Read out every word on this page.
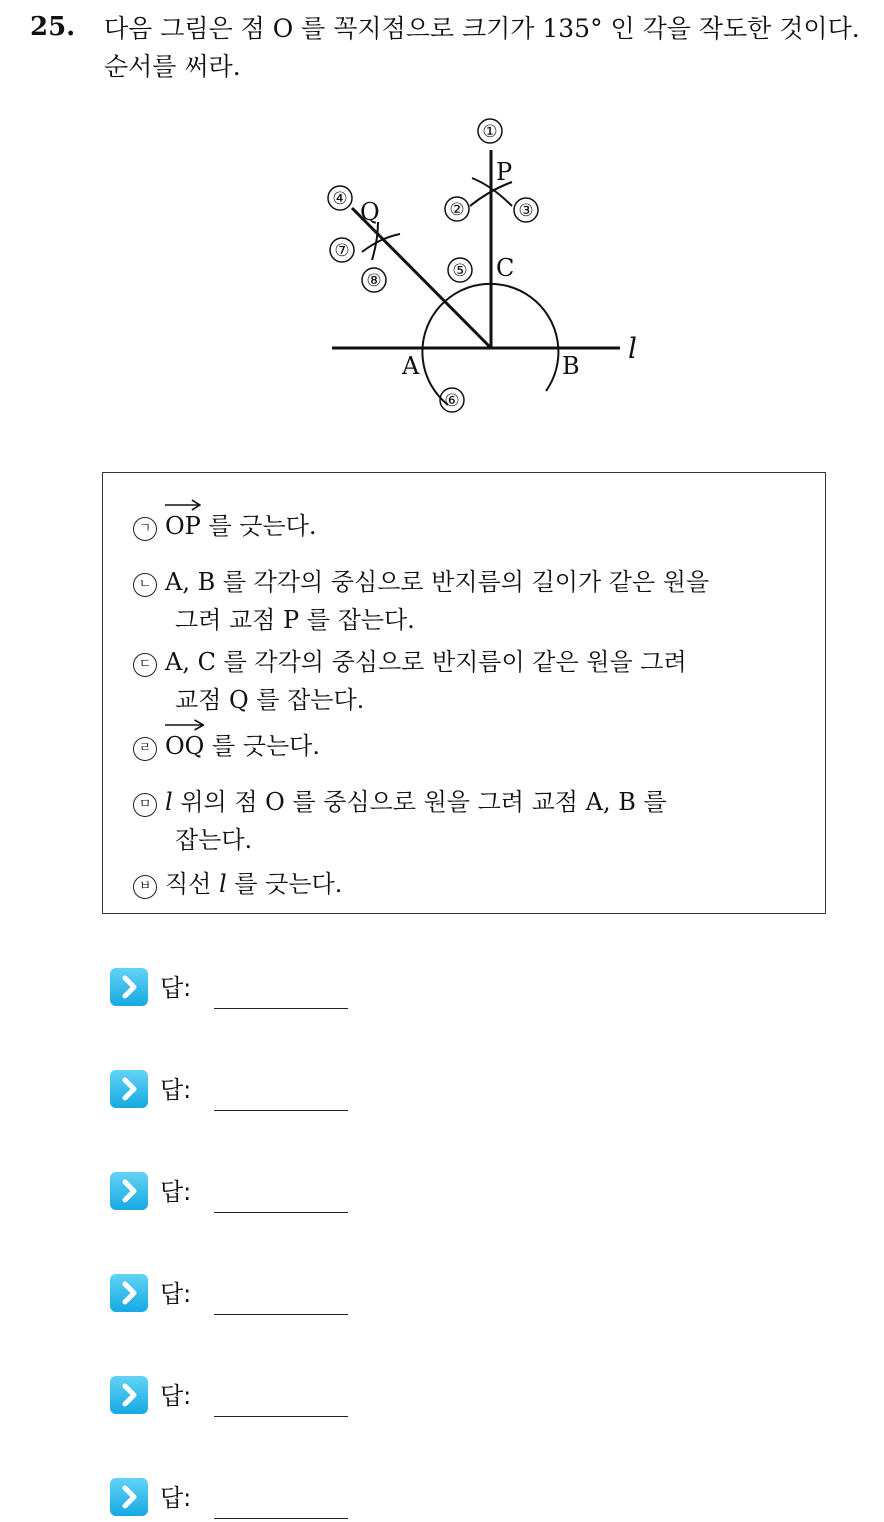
25. 다음 그림은 점 O 를 꼭지점으로 크기가 135° 인 각을 작도한 것이다.
순서를 써라.
①
②	③
④
⑤
⑥
⑦
⑧
P
Q
C
A	B
l
ㄱ OP 를 긋는다.
ㄴ A, B 를 각각의 중심으로 반지름의 길이가 같은 원을
그려 교점 P 를 잡는다.
ㄷ A, C 를 각각의 중심으로 반지름이 같은 원을 그려
교점 Q 를 잡는다.
ㄹ OQ 를 긋는다.
ㅁ l 위의 점 O 를 중심으로 원을 그려 교점 A, B 를
잡는다.
ㅂ 직선 l 를 긋는다.
답:
답:
답:
답:
답:
답:
